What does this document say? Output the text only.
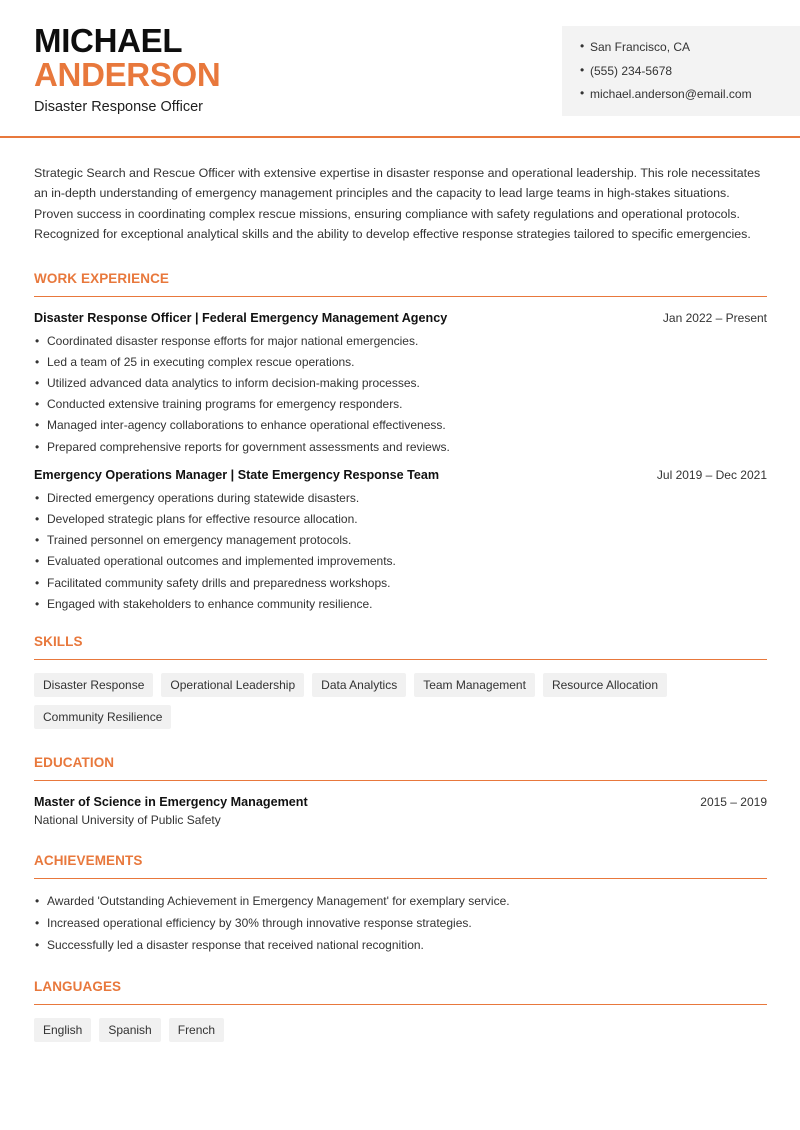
MICHAEL
ANDERSON
Disaster Response Officer
• San Francisco, CA
• (555) 234-5678
• michael.anderson@email.com

Strategic Search and Rescue Officer with extensive expertise in disaster response and operational leadership. This role necessitates an in-depth understanding of emergency management principles and the capacity to lead large teams in high-stakes situations. Proven success in coordinating complex rescue missions, ensuring compliance with safety regulations and operational protocols. Recognized for exceptional analytical skills and the ability to develop effective response strategies tailored to specific emergencies.

WORK EXPERIENCE
Disaster Response Officer | Federal Emergency Management Agency	Jan 2022 – Present
• Coordinated disaster response efforts for major national emergencies.
• Led a team of 25 in executing complex rescue operations.
• Utilized advanced data analytics to inform decision-making processes.
• Conducted extensive training programs for emergency responders.
• Managed inter-agency collaborations to enhance operational effectiveness.
• Prepared comprehensive reports for government assessments and reviews.
Emergency Operations Manager | State Emergency Response Team	Jul 2019 – Dec 2021
• Directed emergency operations during statewide disasters.
• Developed strategic plans for effective resource allocation.
• Trained personnel on emergency management protocols.
• Evaluated operational outcomes and implemented improvements.
• Facilitated community safety drills and preparedness workshops.
• Engaged with stakeholders to enhance community resilience.
SKILLS
Disaster Response	Operational Leadership	Data Analytics	Team Management	Resource Allocation
Community Resilience
EDUCATION
Master of Science in Emergency Management	2015 – 2019
National University of Public Safety
ACHIEVEMENTS
• Awarded 'Outstanding Achievement in Emergency Management' for exemplary service.
• Increased operational efficiency by 30% through innovative response strategies.
• Successfully led a disaster response that received national recognition.
LANGUAGES
English	Spanish	French
